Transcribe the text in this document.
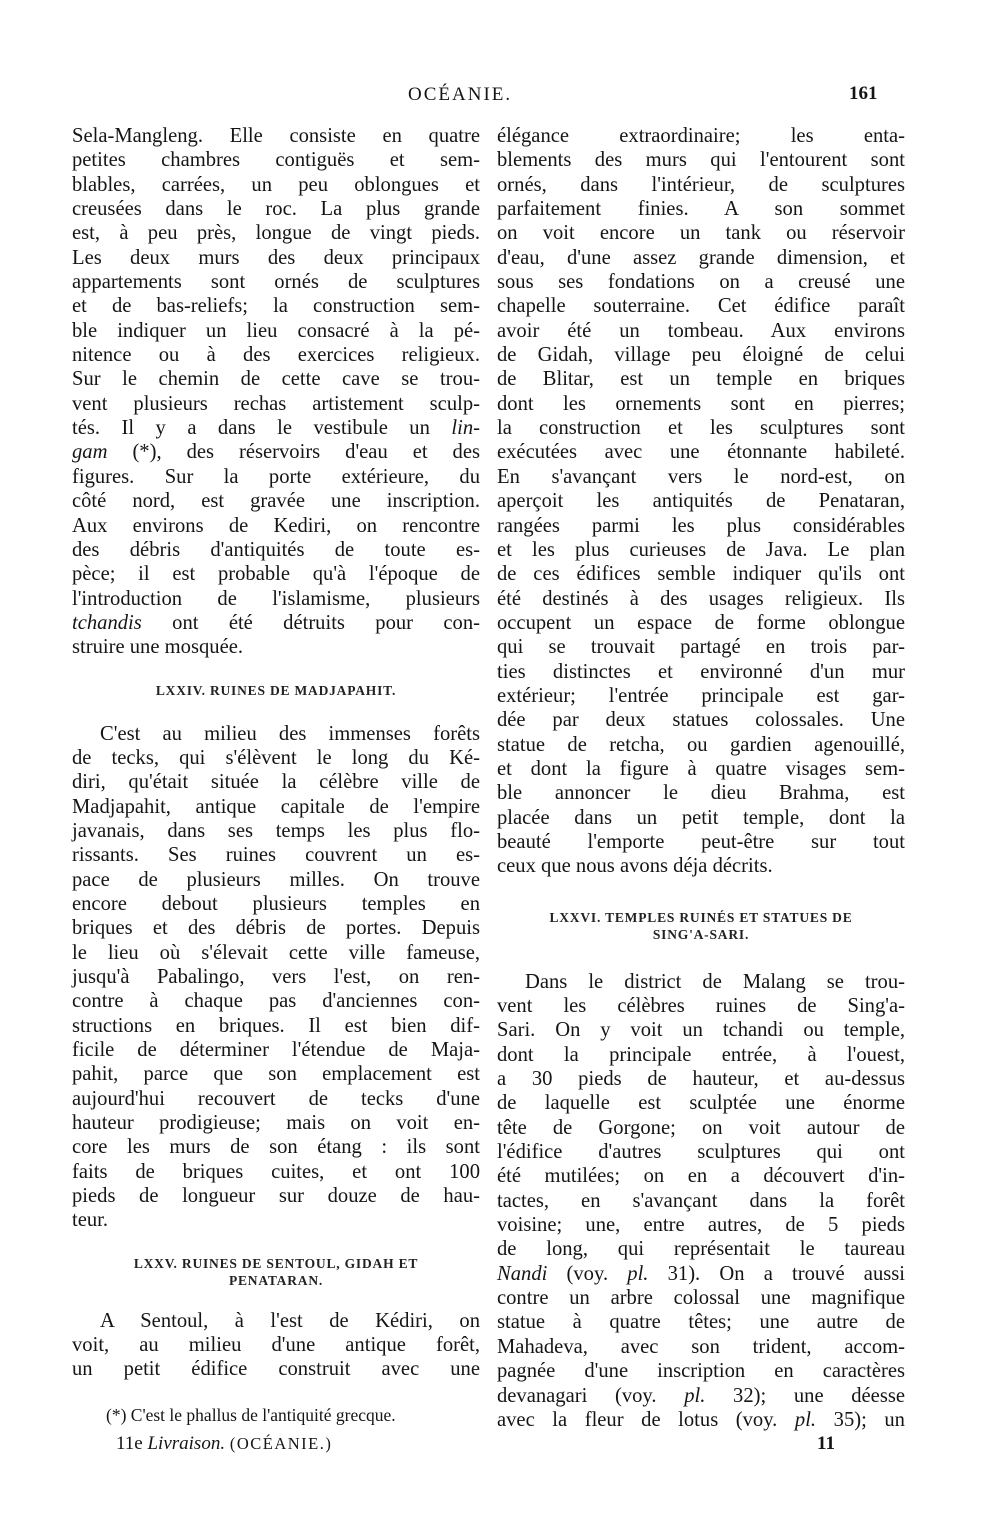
OCÉANIE.	161
Sela-Mangleng. Elle consiste en quatre
petites chambres contiguës et sem-
blables, carrées, un peu oblongues et
creusées dans le roc. La plus grande
est, à peu près, longue de vingt pieds.
Les deux murs des deux principaux
appartements sont ornés de sculptures
et de bas-reliefs; la construction sem-
ble indiquer un lieu consacré à la pé-
nitence ou à des exercices religieux.
Sur le chemin de cette cave se trou-
vent plusieurs rechas artistement sculp-
tés. Il y a dans le vestibule un lin-
gam (*), des réservoirs d'eau et des
figures. Sur la porte extérieure, du
côté nord, est gravée une inscription.
Aux environs de Kediri, on rencontre
des débris d'antiquités de toute es-
pèce; il est probable qu'à l'époque de
l'introduction de l'islamisme, plusieurs
tchandis ont été détruits pour con-
struire une mosquée.
LXXIV. RUINES DE MADJAPAHIT.
C'est au milieu des immenses forêts
de tecks, qui s'élèvent le long du Ké-
diri, qu'était située la célèbre ville de
Madjapahit, antique capitale de l'empire
javanais, dans ses temps les plus flo-
rissants. Ses ruines couvrent un es-
pace de plusieurs milles. On trouve
encore debout plusieurs temples en
briques et des débris de portes. Depuis
le lieu où s'élevait cette ville fameuse,
jusqu'à Pabalingo, vers l'est, on ren-
contre à chaque pas d'anciennes con-
structions en briques. Il est bien dif-
ficile de déterminer l'étendue de Maja-
pahit, parce que son emplacement est
aujourd'hui recouvert de tecks d'une
hauteur prodigieuse; mais on voit en-
core les murs de son étang : ils sont
faits de briques cuites, et ont 100
pieds de longueur sur douze de hau-
teur.
LXXV. RUINES DE SENTOUL, GIDAH ET
PENATARAN.
A Sentoul, à l'est de Kédiri, on
voit, au milieu d'une antique forêt,
un petit édifice construit avec une
élégance extraordinaire; les enta-
blements des murs qui l'entourent sont
ornés, dans l'intérieur, de sculptures
parfaitement finies. A son sommet
on voit encore un tank ou réservoir
d'eau, d'une assez grande dimension, et
sous ses fondations on a creusé une
chapelle souterraine. Cet édifice paraît
avoir été un tombeau. Aux environs
de Gidah, village peu éloigné de celui
de Blitar, est un temple en briques
dont les ornements sont en pierres;
la construction et les sculptures sont
exécutées avec une étonnante habileté.
En s'avançant vers le nord-est, on
aperçoit les antiquités de Penataran,
rangées parmi les plus considérables
et les plus curieuses de Java. Le plan
de ces édifices semble indiquer qu'ils ont
été destinés à des usages religieux. Ils
occupent un espace de forme oblongue
qui se trouvait partagé en trois par-
ties distinctes et environné d'un mur
extérieur; l'entrée principale est gar-
dée par deux statues colossales. Une
statue de retcha, ou gardien agenouillé,
et dont la figure à quatre visages sem-
ble annoncer le dieu Brahma, est
placée dans un petit temple, dont la
beauté l'emporte peut-être sur tout
ceux que nous avons déja décrits.
LXXVI. TEMPLES RUINÉS ET STATUES DE
SING'A-SARI.
Dans le district de Malang se trou-
vent les célèbres ruines de Sing'a-
Sari. On y voit un tchandi ou temple,
dont la principale entrée, à l'ouest,
a 30 pieds de hauteur, et au-dessus
de laquelle est sculptée une énorme
tête de Gorgone; on voit autour de
l'édifice d'autres sculptures qui ont
été mutilées; on en a découvert d'in-
tactes, en s'avançant dans la forêt
voisine; une, entre autres, de 5 pieds
de long, qui représentait le taureau
Nandi (voy. pl. 31). On a trouvé aussi
contre un arbre colossal une magnifique
statue à quatre têtes; une autre de
Mahadeva, avec son trident, accom-
pagnée d'une inscription en caractères
devanagari (voy. pl. 32); une déesse
avec la fleur de lotus (voy. pl. 35); un
(*) C'est le phallus de l'antiquité grecque.
11e Livraison. (OCÉANIE.)	11
